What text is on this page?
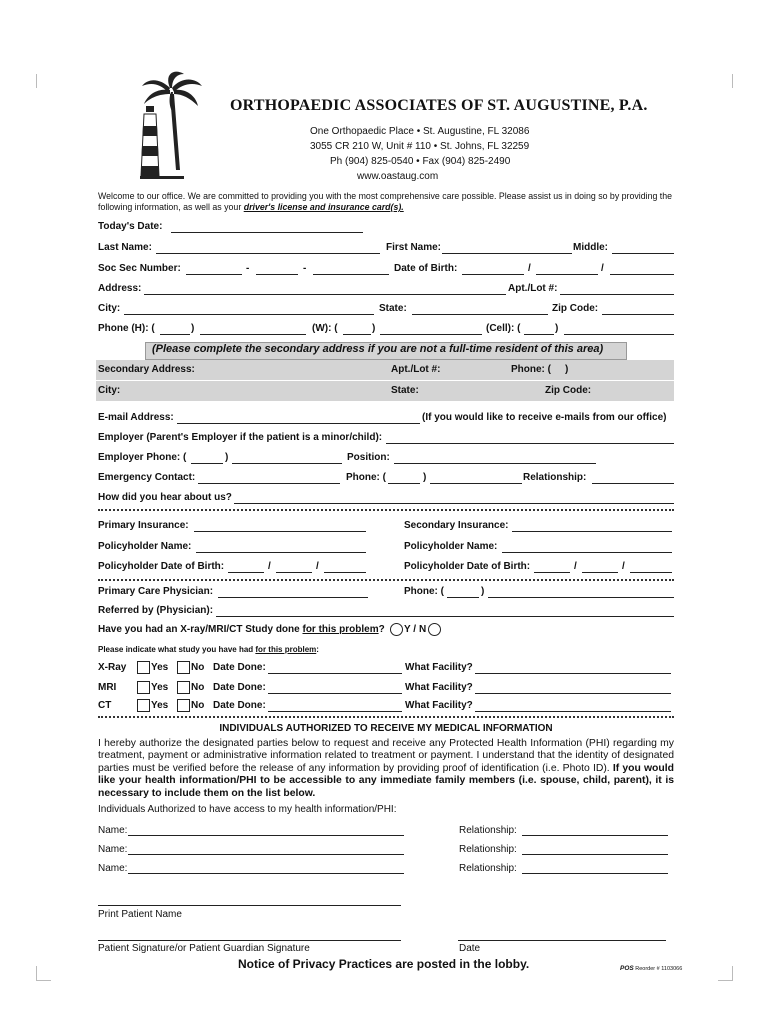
ORTHOPAEDIC ASSOCIATES OF ST. AUGUSTINE, P.A.
One Orthopaedic Place • St. Augustine, FL 32086
3055 CR 210 W, Unit # 110 • St. Johns, FL 32259
Ph (904) 825-0540 • Fax (904) 825-2490
www.oastaug.com
Welcome to our office. We are committed to providing you with the most comprehensive care possible. Please assist us in doing so by providing the following information, as well as your driver's license and insurance card(s).
Today's Date:
Last Name:	First Name:	Middle:
Soc Sec Number:	-	-	Date of Birth:	/	/
Address:	Apt./Lot #:
City:	State:	Zip Code:
Phone (H): (	)	(W): (	)	(Cell): (	)
(Please complete the secondary address if you are not a full-time resident of this area)
Secondary Address:	Apt./Lot #:	Phone: ( )
City:	State:	Zip Code:
E-mail Address:	(If you would like to receive e-mails from our office)
Employer (Parent's Employer if the patient is a minor/child):
Employer Phone: (	)	Position:
Emergency Contact:	Phone: (	)	Relationship:
How did you hear about us?
Primary Insurance:	Secondary Insurance:
Policyholder Name:	Policyholder Name:
Policyholder Date of Birth:	/	/	Policyholder Date of Birth:	/	/
Primary Care Physician:	Phone: (	)
Referred by (Physician):
Have you had an X-ray/MRI/CT Study done for this problem? Y / N
Please indicate what study you have had for this problem:
X-Ray Yes No Date Done:	What Facility?
MRI	Yes No Date Done:	What Facility?
CT	Yes No Date Done:	What Facility?
INDIVIDUALS AUTHORIZED TO RECEIVE MY MEDICAL INFORMATION
I hereby authorize the designated parties below to request and receive any Protected Health Information (PHI) regarding my treatment, payment or administrative information related to treatment or payment. I understand that the identity of designated parties must be verified before the release of any information by providing proof of identification (i.e. Photo ID). If you would like your health information/PHI to be accessible to any immediate family members (i.e. spouse, child, parent), it is necessary to include them on the list below.
Individuals Authorized to have access to my health information/PHI:
Name:	Relationship:
Name:	Relationship:
Name:	Relationship:
Print Patient Name
Patient Signature/or Patient Guardian Signature	Date
Notice of Privacy Practices are posted in the lobby.	POS Reorder # 1103066
